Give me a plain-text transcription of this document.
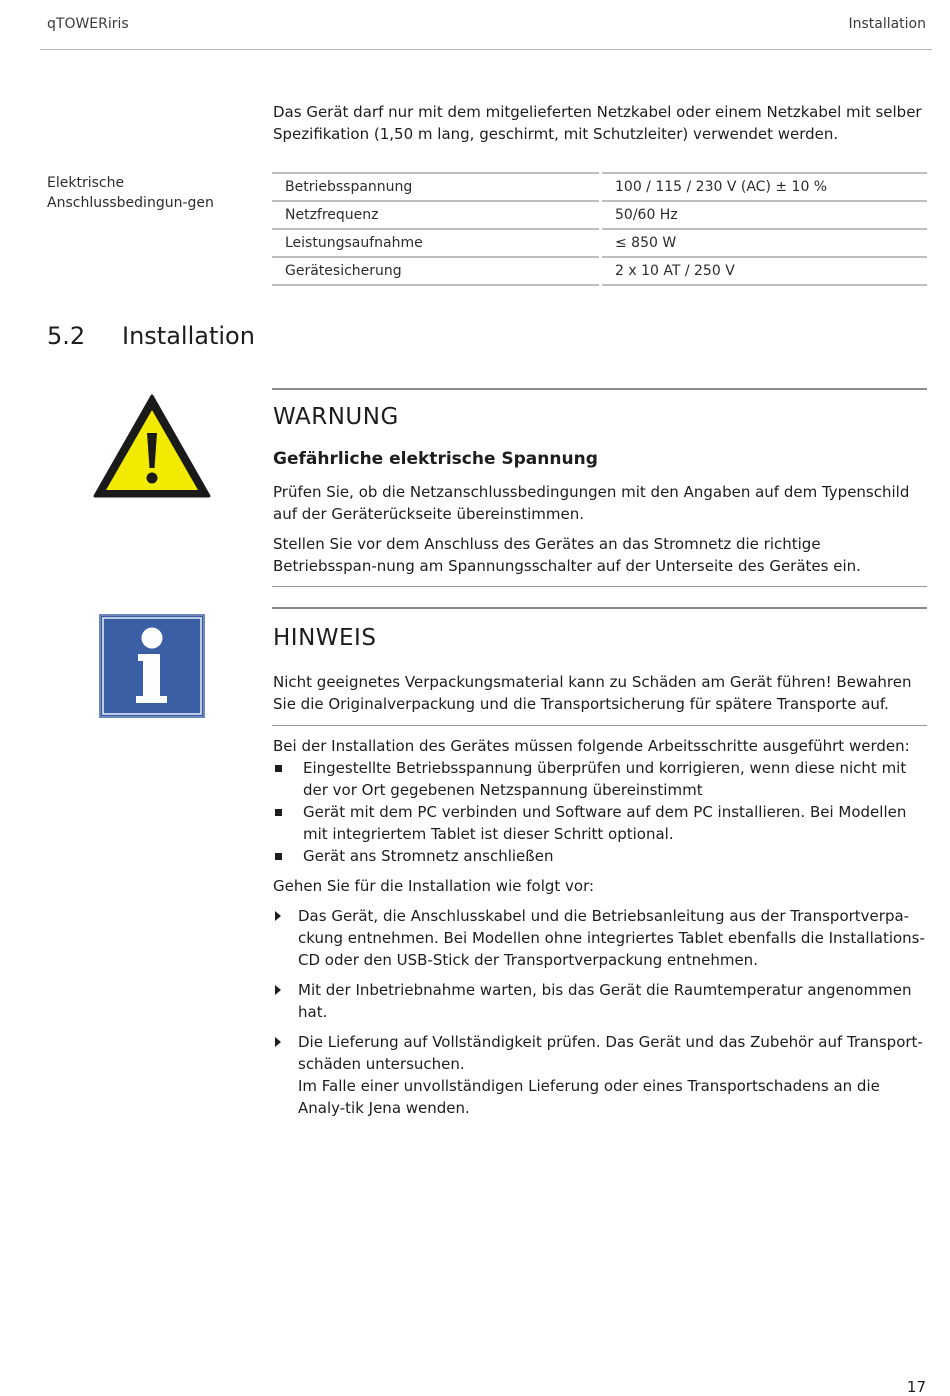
qTOWERiris	Installation

Das Gerät darf nur mit dem mitgelieferten Netzkabel oder einem Netzkabel mit selber Spezifikation (1,50 m lang, geschirmt, mit Schutzleiter) verwendet werden.

Elektrische Anschlussbedingun-gen
Betriebsspannung	100 / 115 / 230 V (AC) ± 10 %
Netzfrequenz	50/60 Hz
Leistungsaufnahme	≤ 850 W
Gerätesicherung	2 x 10 AT / 250 V
5.2 Installation
WARNUNG
Gefährliche elektrische Spannung

Prüfen Sie, ob die Netzanschlussbedingungen mit den Angaben auf dem Typenschild auf der Geräterückseite übereinstimmen.

Stellen Sie vor dem Anschluss des Gerätes an das Stromnetz die richtige Betriebsspan-nung am Spannungsschalter auf der Unterseite des Gerätes ein.

HINWEIS

Nicht geeignetes Verpackungsmaterial kann zu Schäden am Gerät führen! Bewahren Sie die Originalverpackung und die Transportsicherung für spätere Transporte auf.

Bei der Installation des Gerätes müssen folgende Arbeitsschritte ausgeführt werden:

Eingestellte Betriebsspannung überprüfen und korrigieren, wenn diese nicht mit der vor Ort gegebenen Netzspannung übereinstimmt
Gerät mit dem PC verbinden und Software auf dem PC installieren. Bei Modellen mit integriertem Tablet ist dieser Schritt optional.
Gerät ans Stromnetz anschließen

Gehen Sie für die Installation wie folgt vor:

Das Gerät, die Anschlusskabel und die Betriebsanleitung aus der Transportverpa-ckung entnehmen. Bei Modellen ohne integriertes Tablet ebenfalls die Installations-CD oder den USB-Stick der Transportverpackung entnehmen.
Mit der Inbetriebnahme warten, bis das Gerät die Raumtemperatur angenommen hat.
Die Lieferung auf Vollständigkeit prüfen. Das Gerät und das Zubehör auf Transport-schäden untersuchen.
Im Falle einer unvollständigen Lieferung oder eines Transportschadens an die Analy-tik Jena wenden.
17
